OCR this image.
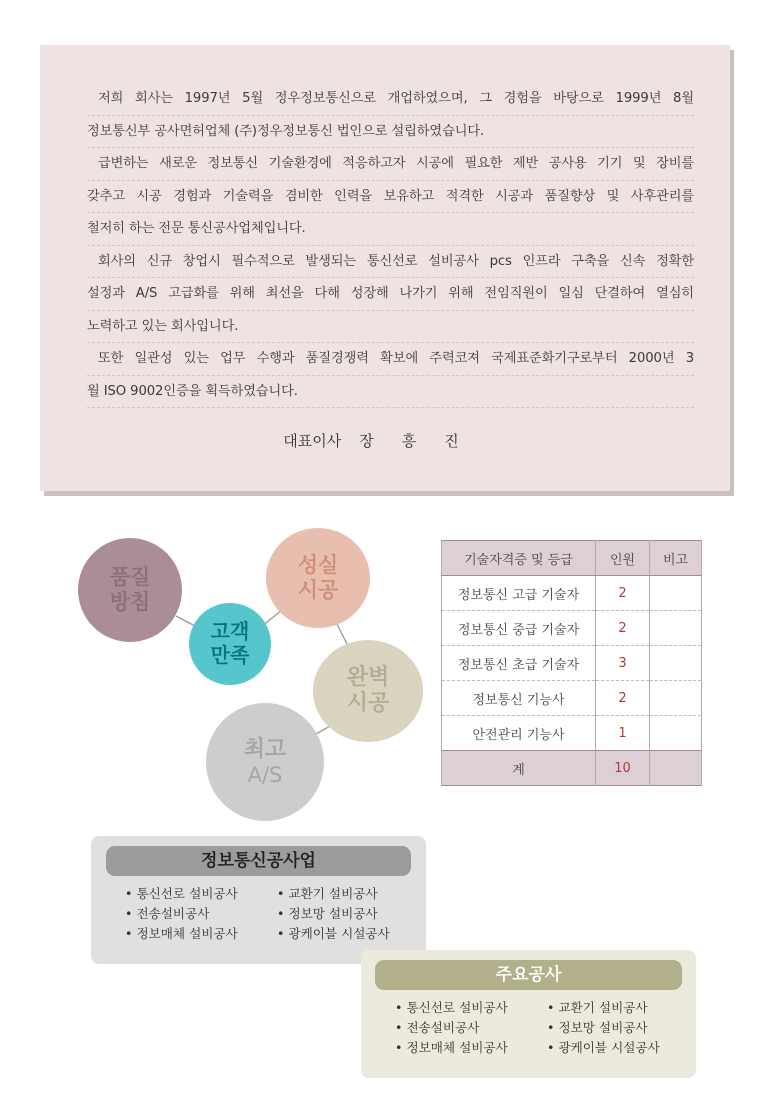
저희 회사는 1997년 5월 정우정보통신으로 개업하였으며, 그 경험을 바탕으로 1999년 8월
정보통신부 공사면허업체 (주)정우정보통신 법인으로 설립하였습니다.
급변하는 새로운 정보통신 기술환경에 적응하고자 시공에 필요한 제반 공사용 기기 및 장비를
갖추고 시공 경험과 기술력을 겸비한 인력을 보유하고 적격한 시공과 품질향상 및 사후관리를
철저히 하는 전문 통신공사업체입니다.
회사의 신규 창업시 필수적으로 발생되는 통신선로 설비공사 pcs 인프라 구축을 신속 정확한
설정과 A/S 고급화를 위해 최선을 다해 성장해 나가기 위해 전임직원이 일심 단결하여 열심히
노력하고 있는 회사입니다.
또한 일관성 있는 업무 수행과 품질경쟁력 확보에 주력코져 국제표준화기구로부터 2000년 3
월 ISO 9002인증을 획득하였습니다.
대표이사 장흥진
품질
방침
성실
시공
완벽
시공
최고
A/S
고객
만족
기술자격증 및 등급	인원	비고
정보통신 고급 기술자	2	
정보통신 중급 기술자	2	
정보통신 초급 기술자	3	
정보통신 기능사	2	
안전관리 기능사	1	
계	10	
정보통신공사업
• 통신선로 설비공사
• 전송설비공사
• 정보매체 설비공사
• 교환기 설비공사
• 정보망 설비공사
• 광케이블 시설공사
주요공사
• 통신선로 설비공사
• 전송설비공사
• 정보매체 설비공사
• 교환기 설비공사
• 정보망 설비공사
• 광케이블 시설공사
